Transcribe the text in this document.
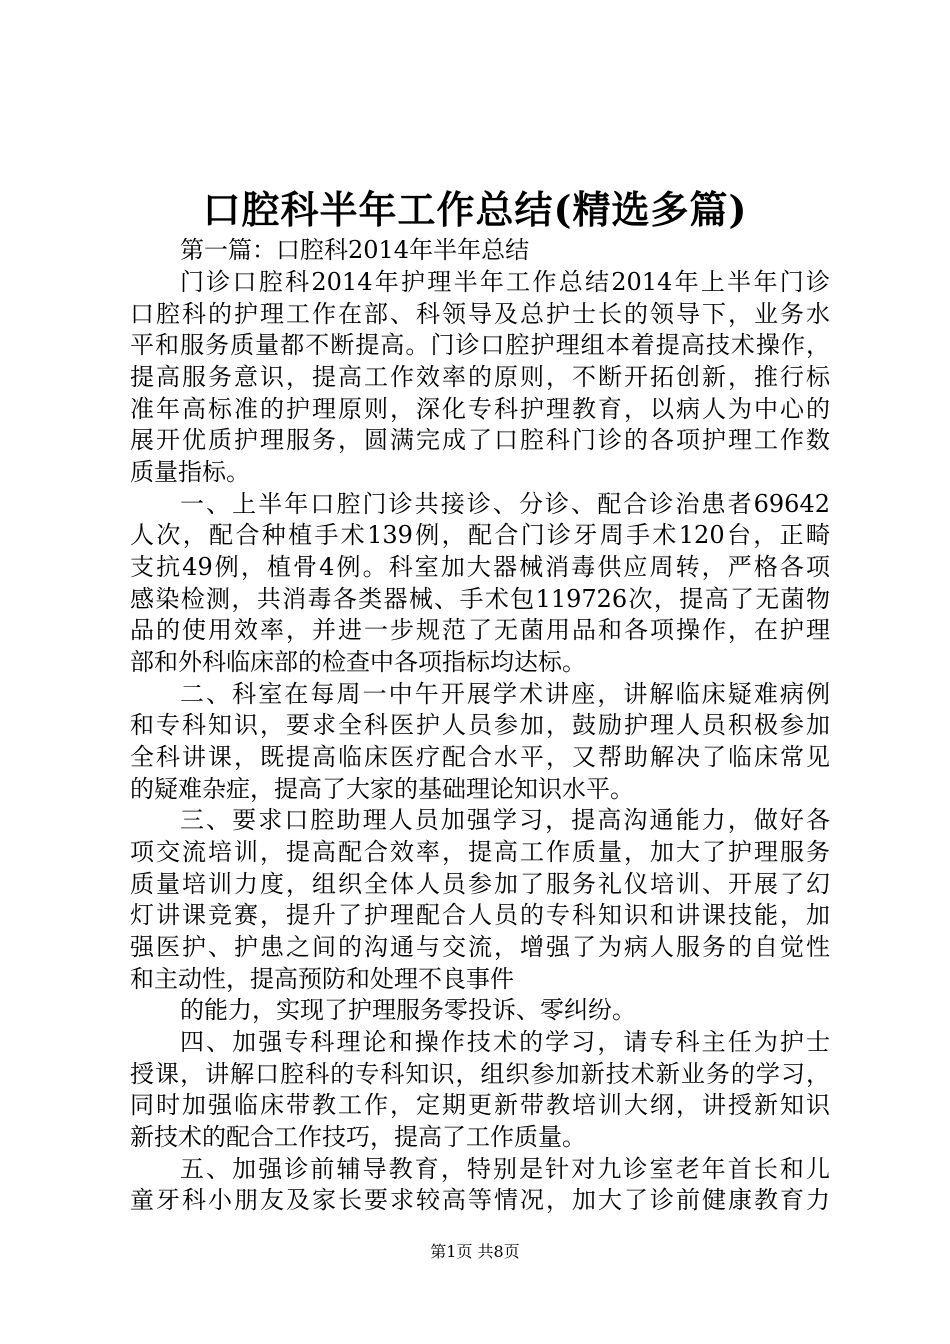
口腔科半年工作总结(精选多篇)
第一篇：口腔科2014年半年总结
门诊口腔科2014年护理半年工作总结2014年上半年门诊
口腔科的护理工作在部、科领导及总护士长的领导下，业务水
平和服务质量都不断提高。门诊口腔护理组本着提高技术操作，
提高服务意识，提高工作效率的原则，不断开拓创新，推行标
准年高标准的护理原则，深化专科护理教育，以病人为中心的
展开优质护理服务，圆满完成了口腔科门诊的各项护理工作数
质量指标。
一、上半年口腔门诊共接诊、分诊、配合诊治患者69642
人次，配合种植手术139例，配合门诊牙周手术120台，正畸
支抗49例，植骨4例。科室加大器械消毒供应周转，严格各项
感染检测，共消毒各类器械、手术包119726次，提高了无菌物
品的使用效率，并进一步规范了无菌用品和各项操作，在护理
部和外科临床部的检查中各项指标均达标。
二、科室在每周一中午开展学术讲座，讲解临床疑难病例
和专科知识，要求全科医护人员参加，鼓励护理人员积极参加
全科讲课，既提高临床医疗配合水平，又帮助解决了临床常见
的疑难杂症，提高了大家的基础理论知识水平。
三、要求口腔助理人员加强学习，提高沟通能力，做好各
项交流培训，提高配合效率，提高工作质量，加大了护理服务
质量培训力度，组织全体人员参加了服务礼仪培训、开展了幻
灯讲课竞赛，提升了护理配合人员的专科知识和讲课技能，加
强医护、护患之间的沟通与交流，增强了为病人服务的自觉性
和主动性，提高预防和处理不良事件
的能力，实现了护理服务零投诉、零纠纷。
四、加强专科理论和操作技术的学习，请专科主任为护士
授课，讲解口腔科的专科知识，组织参加新技术新业务的学习，
同时加强临床带教工作，定期更新带教培训大纲，讲授新知识
新技术的配合工作技巧，提高了工作质量。
五、加强诊前辅导教育，特别是针对九诊室老年首长和儿
童牙科小朋友及家长要求较高等情况，加大了诊前健康教育力
第1页 共8页
